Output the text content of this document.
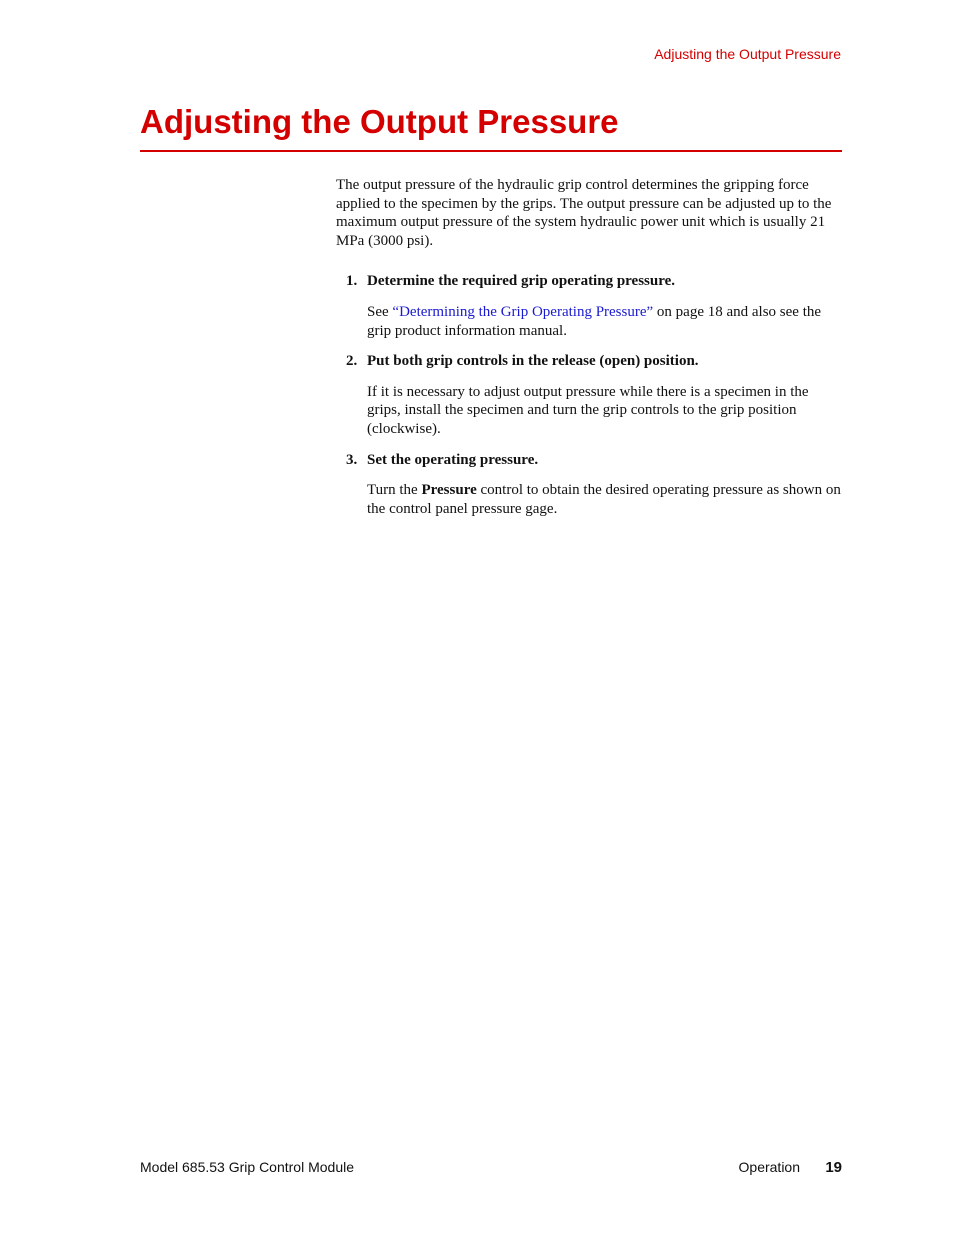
Adjusting the Output Pressure
Adjusting the Output Pressure

The output pressure of the hydraulic grip control determines the gripping force applied to the specimen by the grips. The output pressure can be adjusted up to the maximum output pressure of the system hydraulic power unit which is usually 21 MPa (3000 psi).

1. Determine the required grip operating pressure.

See “Determining the Grip Operating Pressure” on page 18 and also see the grip product information manual.

2. Put both grip controls in the release (open) position.

If it is necessary to adjust output pressure while there is a specimen in the grips, install the specimen and turn the grip controls to the grip position (clockwise).

3. Set the operating pressure.

Turn the Pressure control to obtain the desired operating pressure as shown on the control panel pressure gage.

Model 685.53 Grip Control Module	Operation 19
